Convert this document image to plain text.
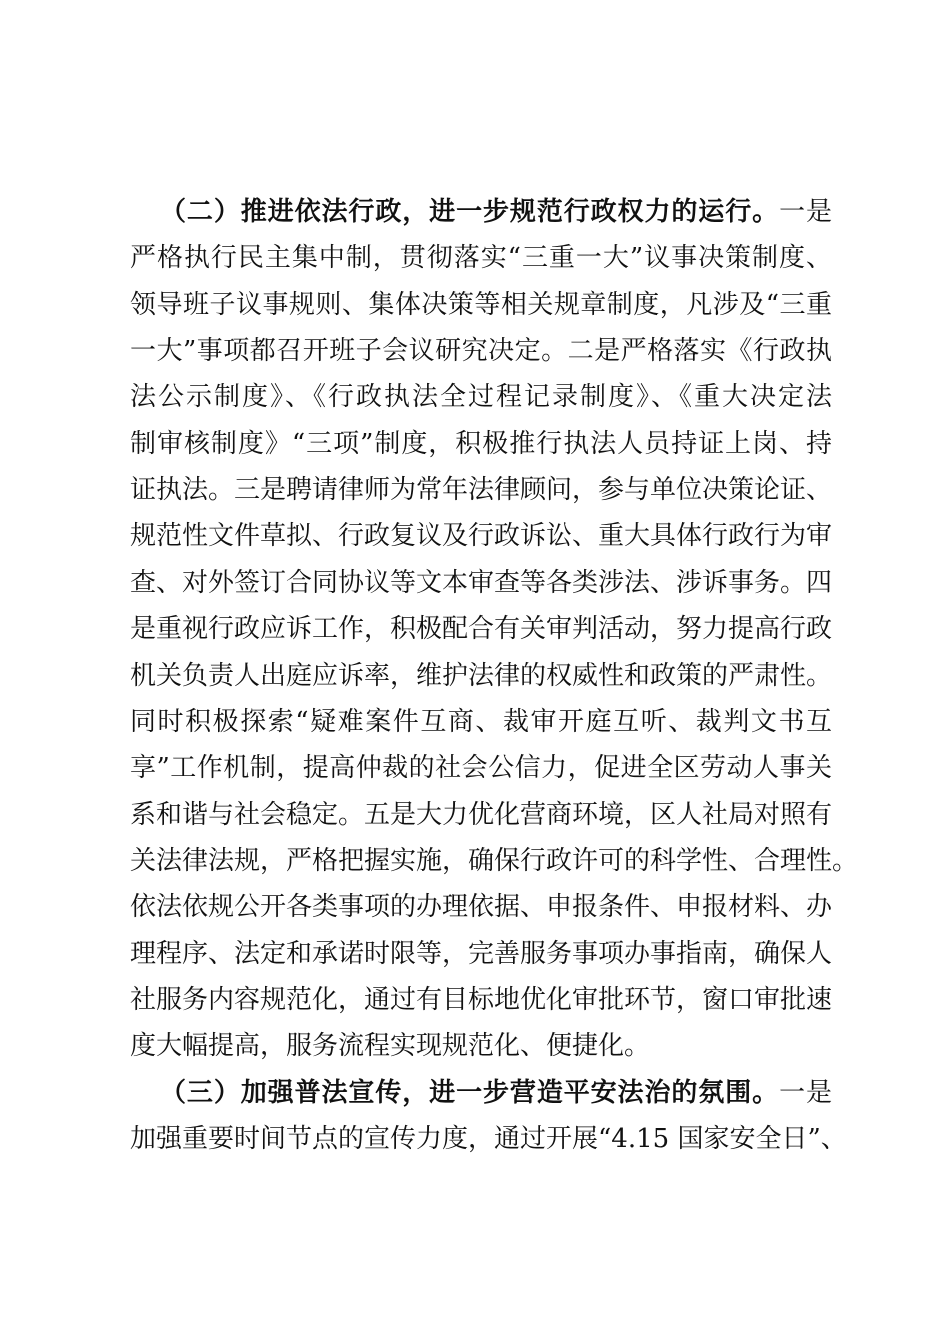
（二）推进依法行政，进一步规范行政权力的运行。一是
严格执行民主集中制，贯彻落实“三重一大”议事决策制度、
领导班子议事规则、集体决策等相关规章制度，凡涉及“三重
一大”事项都召开班子会议研究决定。二是严格落实《行政执
法公示制度》、《行政执法全过程记录制度》、《重大决定法
制审核制度》“三项”制度，积极推行执法人员持证上岗、持
证执法。三是聘请律师为常年法律顾问，参与单位决策论证、
规范性文件草拟、行政复议及行政诉讼、重大具体行政行为审
查、对外签订合同协议等文本审查等各类涉法、涉诉事务。四
是重视行政应诉工作，积极配合有关审判活动，努力提高行政
机关负责人出庭应诉率，维护法律的权威性和政策的严肃性。
同时积极探索“疑难案件互商、裁审开庭互听、裁判文书互
享”工作机制，提高仲裁的社会公信力，促进全区劳动人事关
系和谐与社会稳定。五是大力优化营商环境，区人社局对照有
关法律法规，严格把握实施，确保行政许可的科学性、合理性。
依法依规公开各类事项的办理依据、申报条件、申报材料、办
理程序、法定和承诺时限等，完善服务事项办事指南，确保人
社服务内容规范化，通过有目标地优化审批环节，窗口审批速
度大幅提高，服务流程实现规范化、便捷化。
（三）加强普法宣传，进一步营造平安法治的氛围。一是
加强重要时间节点的宣传力度，通过开展“4.15 国家安全日”、
